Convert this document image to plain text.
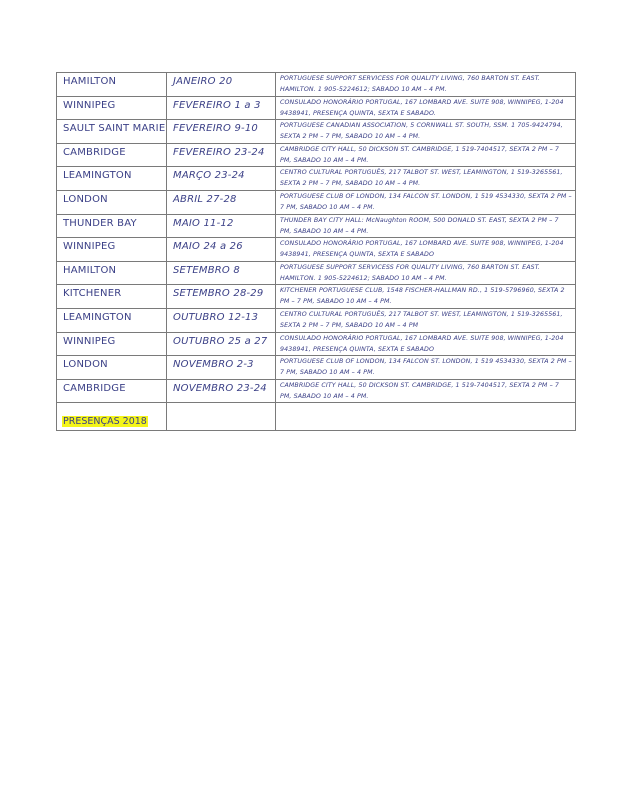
HAMILTON	JANEIRO 20	PORTUGUESE SUPPORT SERVICESS FOR QUALITY LIVING, 760 BARTON ST. EAST. HAMILTON. 1 905-5224612; SABADO 10 AM – 4 PM.

WINNIPEG	FEVEREIRO 1 a 3	CONSULADO HONORÁRIO PORTUGAL, 167 LOMBARD AVE. SUITE 908, WINNIPEG, 1-204 9438941, PRESENÇA QUINTA, SEXTA E SABADO.

SAULT SAINT MARIE	FEVEREIRO 9-10	PORTUGUESE CANADIAN ASSOCIATION, 5 CORNWALL ST. SOUTH, SSM. 1 705-9424794, SEXTA 2 PM – 7 PM, SABADO 10 AM – 4 PM.

CAMBRIDGE	FEVEREIRO 23-24	CAMBRIDGE CITY HALL, 50 DICKSON ST. CAMBRIDGE, 1 519-7404517, SEXTA 2 PM – 7 PM, SABADO 10 AM – 4 PM.

LEAMINGTON	MARÇO 23-24	CENTRO CULTURAL PORTUGUÊS, 217 TALBOT ST. WEST, LEAMINGTON, 1 519-3265561, SEXTA 2 PM – 7 PM, SABADO 10 AM – 4 PM.

LONDON	ABRIL 27-28	PORTUGUESE CLUB OF LONDON, 134 FALCON ST. LONDON, 1 519 4534330, SEXTA 2 PM – 7 PM, SABADO 10 AM – 4 PM.

THUNDER BAY	MAIO 11-12	THUNDER BAY CITY HALL: McNaughton ROOM, 500 DONALD ST. EAST, SEXTA 2 PM – 7 PM, SABADO 10 AM – 4 PM.

WINNIPEG	MAIO 24 a 26	CONSULADO HONORÁRIO PORTUGAL, 167 LOMBARD AVE. SUITE 908, WINNIPEG, 1-204 9438941, PRESENÇA QUINTA, SEXTA E SABADO

HAMILTON	SETEMBRO 8	PORTUGUESE SUPPORT SERVICESS FOR QUALITY LIVING, 760 BARTON ST. EAST. HAMILTON. 1 905-5224612; SABADO 10 AM – 4 PM.

KITCHENER	SETEMBRO 28-29	KITCHENER PORTUGUESE CLUB, 1548 FISCHER-HALLMAN RD., 1 519-5796960, SEXTA 2 PM – 7 PM, SABADO 10 AM – 4 PM.

LEAMINGTON	OUTUBRO 12-13	CENTRO CULTURAL PORTUGUÊS, 217 TALBOT ST. WEST, LEAMINGTON, 1 519-3265561, SEXTA 2 PM – 7 PM, SABADO 10 AM – 4 PM

WINNIPEG	OUTUBRO 25 a 27	CONSULADO HONORÁRIO PORTUGAL, 167 LOMBARD AVE. SUITE 908, WINNIPEG, 1-204 9438941, PRESENÇA QUINTA, SEXTA E SABADO

LONDON	NOVEMBRO 2-3	PORTUGUESE CLUB OF LONDON, 134 FALCON ST. LONDON, 1 519 4534330, SEXTA 2 PM – 7 PM, SABADO 10 AM – 4 PM.

CAMBRIDGE	NOVEMBRO 23-24	CAMBRIDGE CITY HALL, 50 DICKSON ST. CAMBRIDGE, 1 519-7404517, SEXTA 2 PM – 7 PM, SABADO 10 AM – 4 PM.

PRESENÇAS 2018		
